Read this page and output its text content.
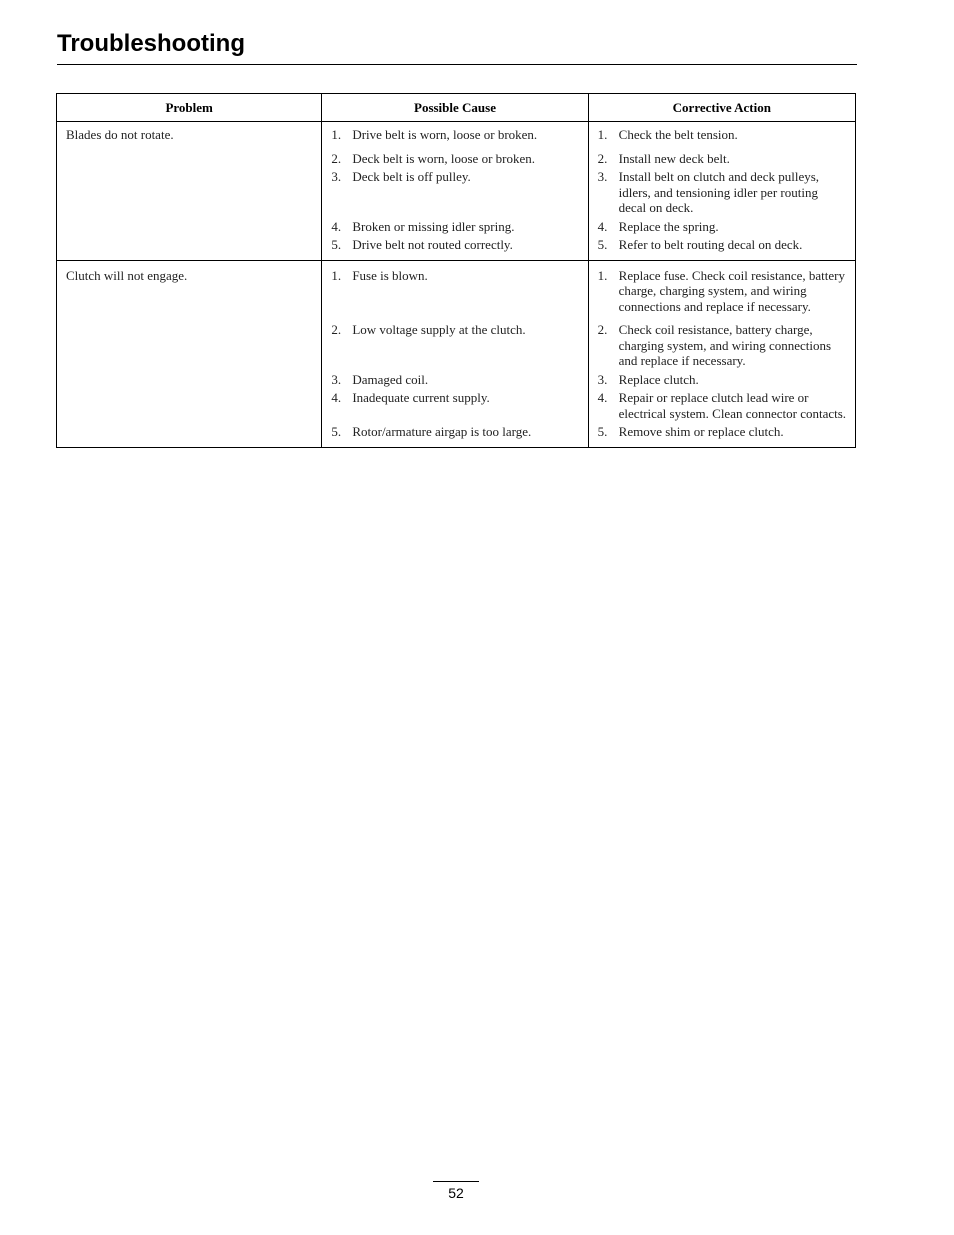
Troubleshooting
Problem	Possible Cause	Corrective Action

Blades do not rotate.	1. Drive belt is worn, loose or broken.	1. Check the belt tension.

	2. Deck belt is worn, loose or broken.	2. Install new deck belt.

	3. Deck belt is off pulley.	3. Install belt on clutch and deck pulleys, idlers, and tensioning idler per routing decal on deck.

	4. Broken or missing idler spring.	4. Replace the spring.

	5. Drive belt not routed correctly.	5. Refer to belt routing decal on deck.

Clutch will not engage.	1. Fuse is blown.	1. Replace fuse. Check coil resistance, battery charge, charging system, and wiring connections and replace if necessary.

	2. Low voltage supply at the clutch.	2. Check coil resistance, battery charge, charging system, and wiring connections and replace if necessary.

	3. Damaged coil.	3. Replace clutch.

	4. Inadequate current supply.	4. Repair or replace clutch lead wire or electrical system. Clean connector contacts.

	5. Rotor/armature airgap is too large.	5. Remove shim or replace clutch.
52
